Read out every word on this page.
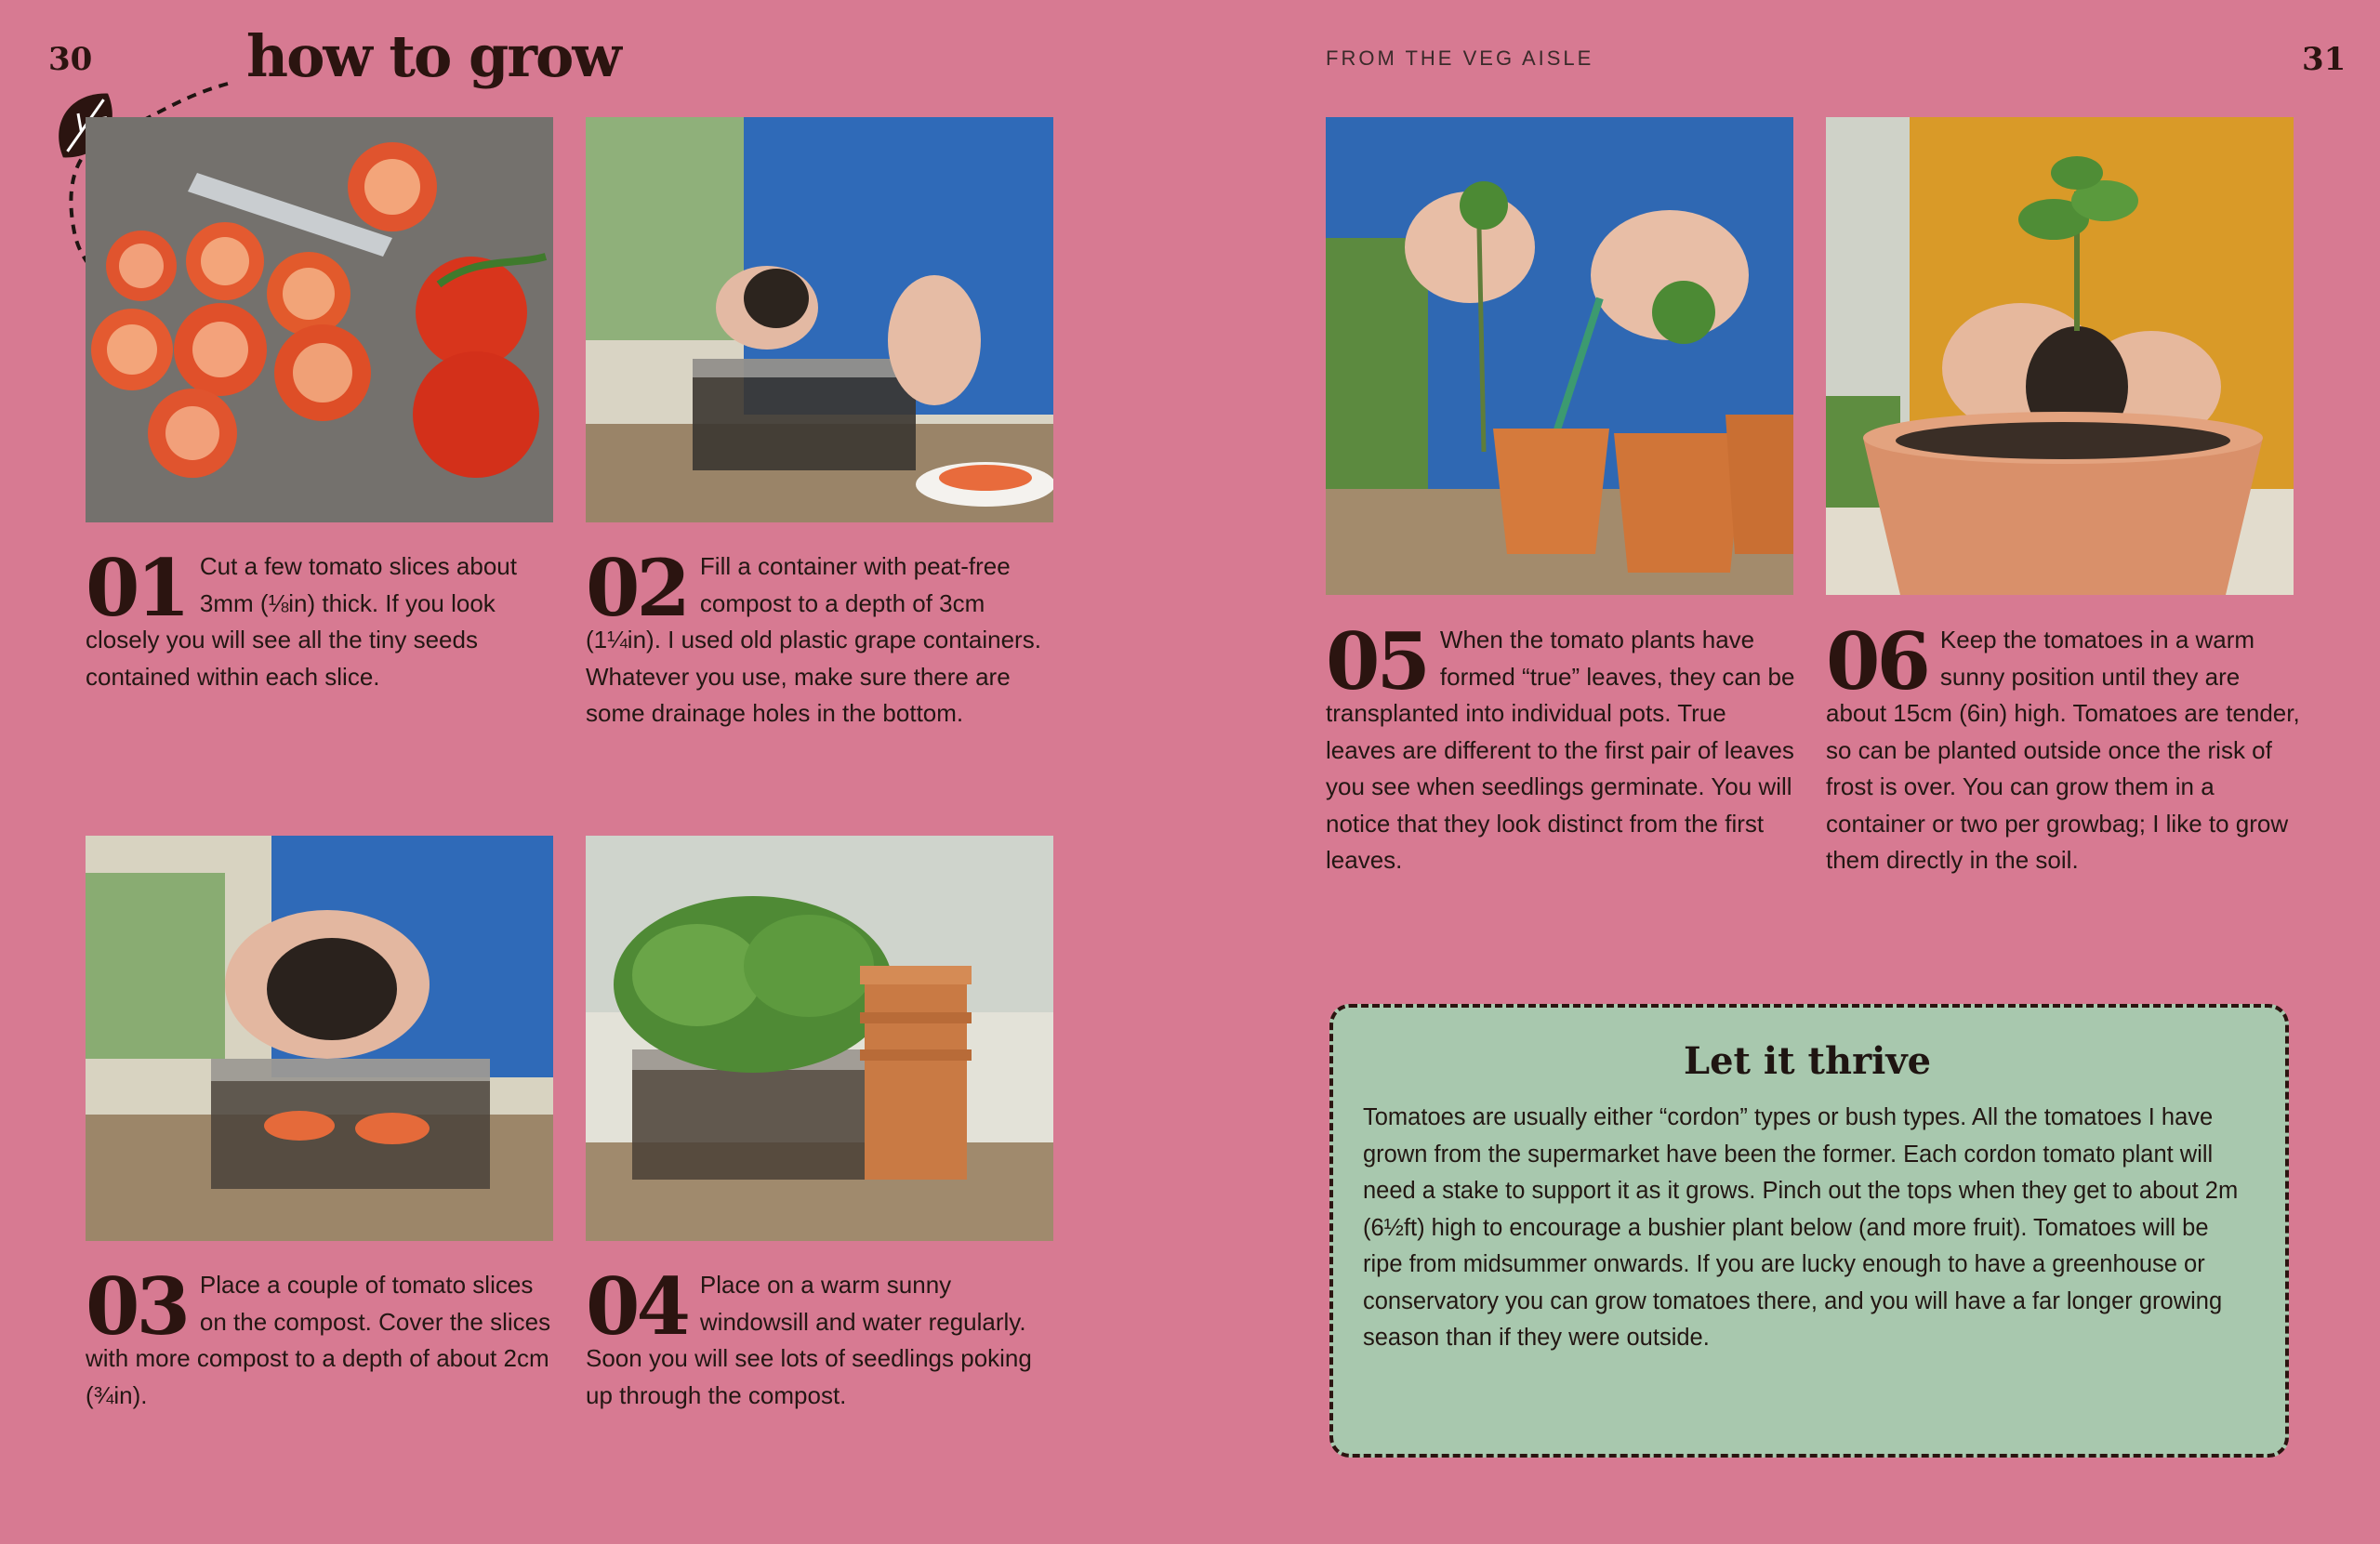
30	31
how to grow	FROM THE VEG AISLE
01 Cut a few tomato slices about 3mm (⅛in) thick. If you look closely you will see all the tiny seeds contained within each slice.
02 Fill a container with peat-free compost to a depth of 3cm (1¼in). I used old plastic grape containers. Whatever you use, make sure there are some drainage holes in the bottom.
03 Place a couple of tomato slices on the compost. Cover the slices with more compost to a depth of about 2cm (¾in).
04 Place on a warm sunny windowsill and water regularly. Soon you will see lots of seedlings poking up through the compost.
05 When the tomato plants have formed “true” leaves, they can be transplanted into individual pots. True leaves are different to the first pair of leaves you see when seedlings germinate. You will notice that they look distinct from the first leaves.
06 Keep the tomatoes in a warm sunny position until they are about 15cm (6in) high. Tomatoes are tender, so can be planted outside once the risk of frost is over. You can grow them in a container or two per growbag; I like to grow them directly in the soil.
Let it thrive

Tomatoes are usually either “cordon” types or bush types. All the tomatoes I have grown from the supermarket have been the former. Each cordon tomato plant will need a stake to support it as it grows. Pinch out the tops when they get to about 2m (6½ft) high to encourage a bushier plant below (and more fruit). Tomatoes will be ripe from midsummer onwards. If you are lucky enough to have a greenhouse or conservatory you can grow tomatoes there, and you will have a far longer growing season than if they were outside.
